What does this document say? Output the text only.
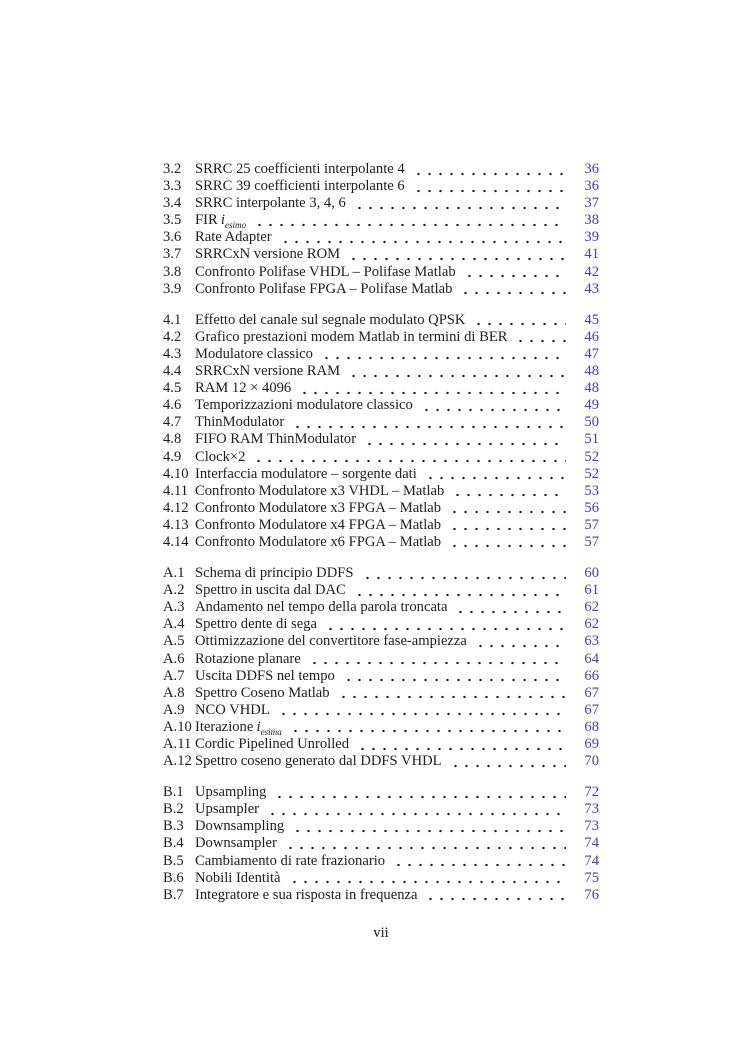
3.2 SRRC 25 coefficienti interpolante 4	36
3.3 SRRC 39 coefficienti interpolante 6	36
3.4 SRRC interpolante 3, 4, 6	37
3.5 FIR $i_{esimo}$	38
3.6 Rate Adapter	39
3.7 SRRCxN versione ROM	41
3.8 Confronto Polifase VHDL – Polifase Matlab	42
3.9 Confronto Polifase FPGA – Polifase Matlab	43
4.1 Effetto del canale sul segnale modulato QPSK	45
4.2 Grafico prestazioni modem Matlab in termini di BER	46
4.3 Modulatore classico	47
4.4 SRRCxN versione RAM	48
4.5 RAM 12 × 4096	48
4.6 Temporizzazioni modulatore classico	49
4.7 ThinModulator	50
4.8 FIFO RAM ThinModulator	51
4.9 Clock×2	52
4.10 Interfaccia modulatore – sorgente dati	52
4.11 Confronto Modulatore x3 VHDL – Matlab	53
4.12 Confronto Modulatore x3 FPGA – Matlab	56
4.13 Confronto Modulatore x4 FPGA – Matlab	57
4.14 Confronto Modulatore x6 FPGA – Matlab	57
A.1 Schema di principio DDFS	60
A.2 Spettro in uscita dal DAC	61
A.3 Andamento nel tempo della parola troncata	62
A.4 Spettro dente di sega	62
A.5 Ottimizzazione del convertitore fase-ampiezza	63
A.6 Rotazione planare	64
A.7 Uscita DDFS nel tempo	66
A.8 Spettro Coseno Matlab	67
A.9 NCO VHDL	67
A.10 Iterazione $i_{esima}$	68
A.11 Cordic Pipelined Unrolled	69
A.12 Spettro coseno generato dal DDFS VHDL	70
B.1 Upsampling	72
B.2 Upsampler	73
B.3 Downsampling	73
B.4 Downsampler	74
B.5 Cambiamento di rate frazionario	74
B.6 Nobili Identità	75
B.7 Integratore e sua risposta in frequenza	76
vii
